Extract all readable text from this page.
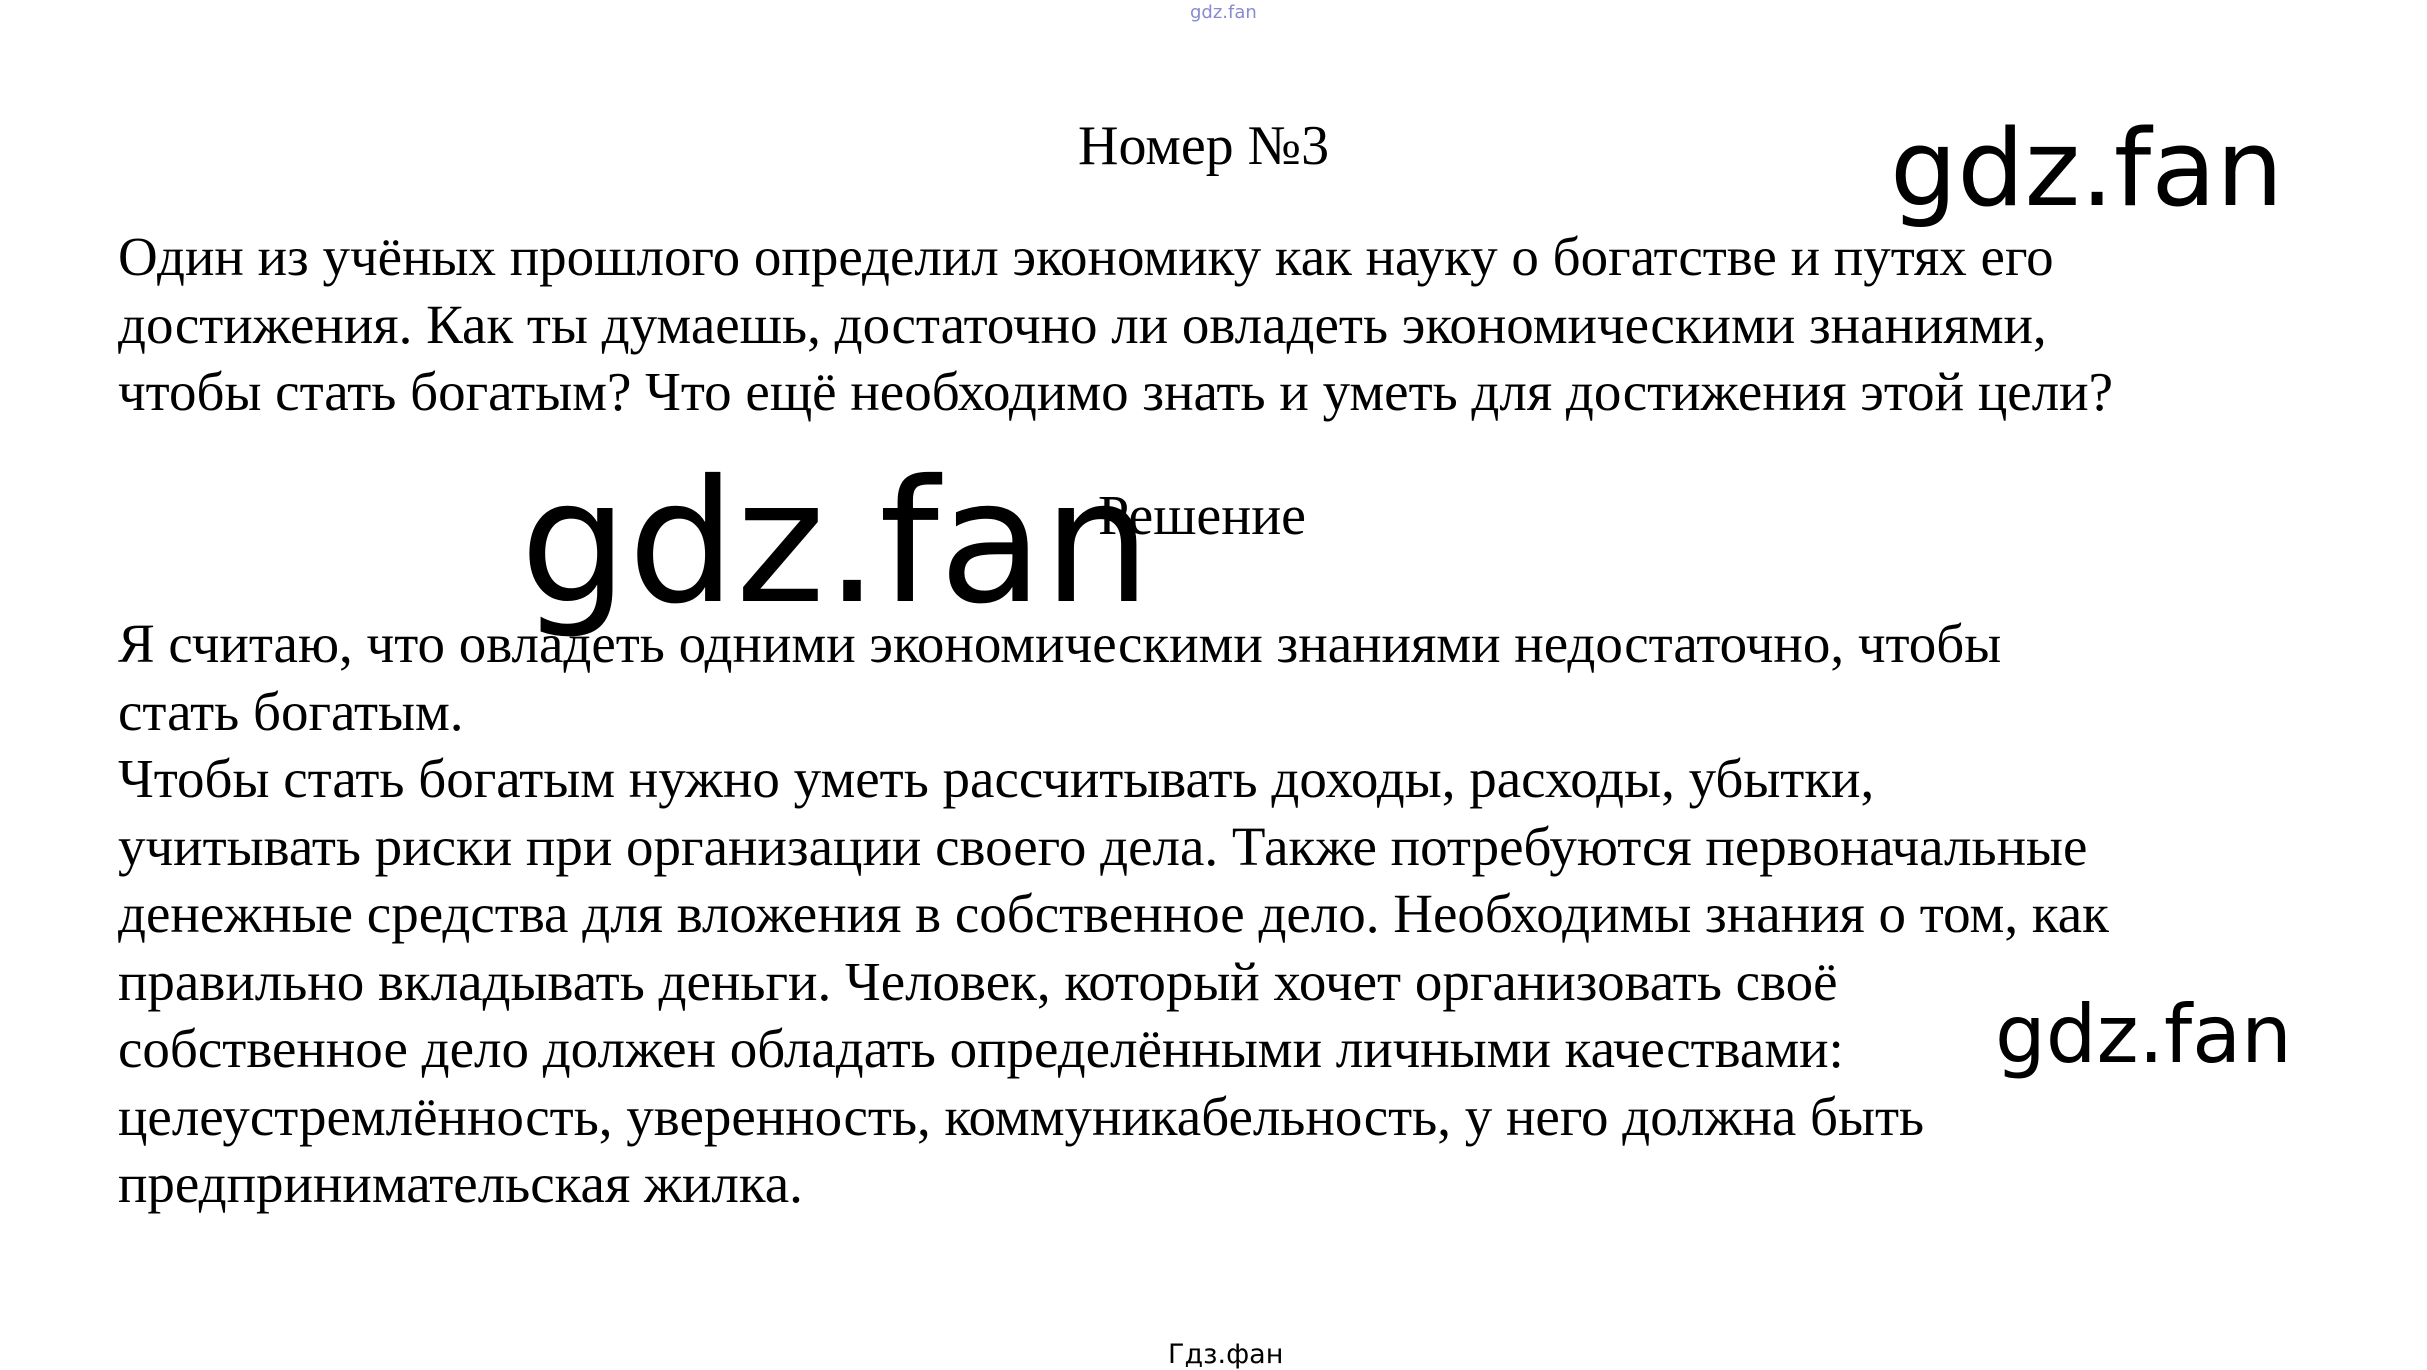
gdz.fan
Номер №3	gdz.fan

Один из учёных прошлого определил экономику как науку о богатстве и путях его
достижения. Как ты думаешь, достаточно ли овладеть экономическими знаниями,
чтобы стать богатым? Что ещё необходимо знать и уметь для достижения этой цели?

Решение
gdz.fan

Я считаю, что овладеть одними экономическими знаниями недостаточно, чтобы
стать богатым.
Чтобы стать богатым нужно уметь рассчитывать доходы, расходы, убытки,
учитывать риски при организации своего дела. Также потребуются первоначальные
денежные средства для вложения в собственное дело. Необходимы знания о том, как
правильно вкладывать деньги. Человек, который хочет организовать своё
собственное дело должен обладать определёнными личными качествами:
целеустремлённость, уверенность, коммуникабельность, у него должна быть
предпринимательская жилка.

gdz.fan
Гдз.фан
